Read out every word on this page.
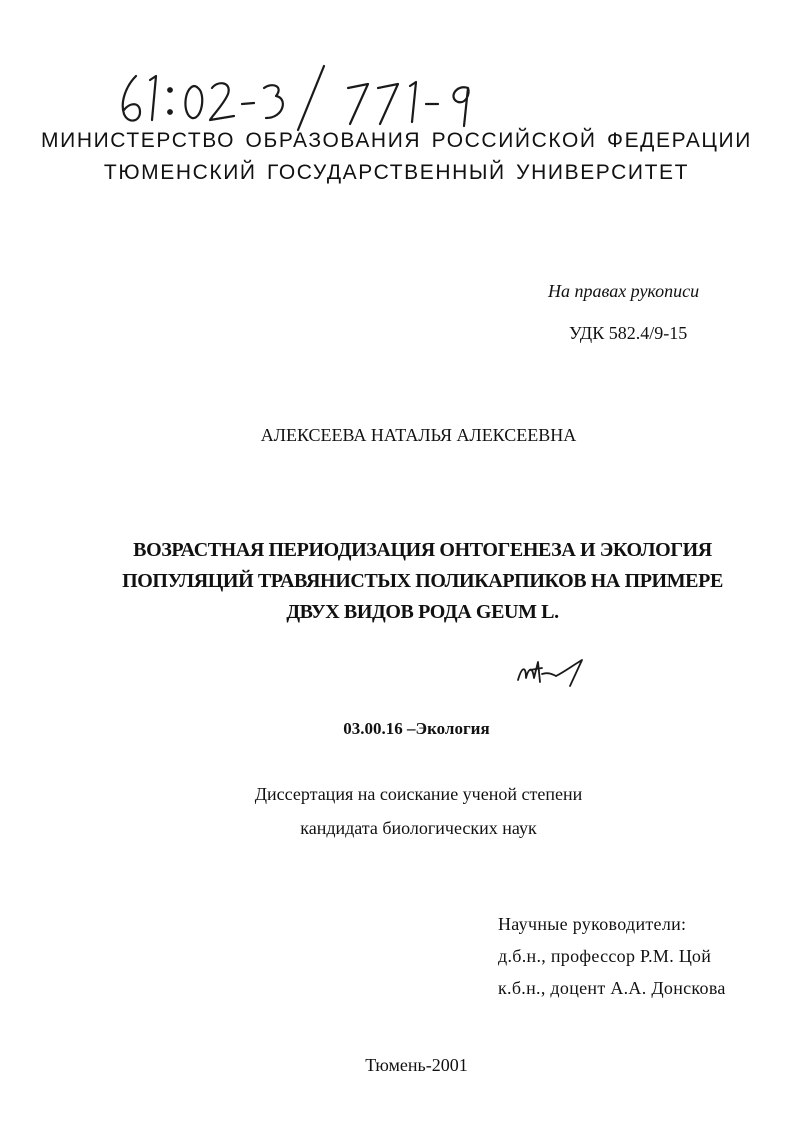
МИНИСТЕРСТВО ОБРАЗОВАНИЯ РОССИЙСКОЙ ФЕДЕРАЦИИ
ТЮМЕНСКИЙ ГОСУДАРСТВЕННЫЙ УНИВЕРСИТЕТ
На правах рукописи
УДК 582.4/9-15
АЛЕКСЕЕВА НАТАЛЬЯ АЛЕКСЕЕВНА
ВОЗРАСТНАЯ ПЕРИОДИЗАЦИЯ ОНТОГЕНЕЗА И ЭКОЛОГИЯ
ПОПУЛЯЦИЙ ТРАВЯНИСТЫХ ПОЛИКАРПИКОВ НА ПРИМЕРЕ
ДВУХ ВИДОВ РОДА GEUM L.
03.00.16 –Экология
Диссертация на соискание ученой степени
кандидата биологических наук
Научные руководители:
д.б.н., профессор Р.М. Цой
к.б.н., доцент А.А. Донскова
Тюмень-2001
